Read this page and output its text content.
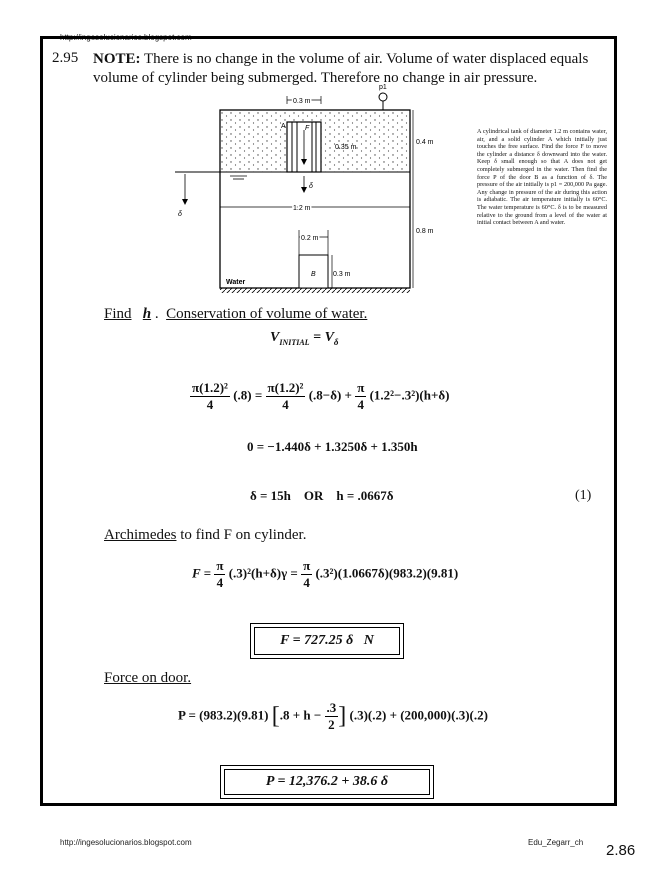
http://ingesolucionarios.blogspot.com
2.95 NOTE: There is no change in the volume of air. Volume of water displaced equals volume of cylinder being submerged. Therefore no change in air pressure.
A	F
0.3 m
p1
0.35 m
0.4 m
δ
δ
1.2 m
0.8 m
0.2 m
B 0.3 m
Water
A cylindrical tank of diameter 1.2 m contains water, air, and a solid cylinder A which initially just touches the free surface. Find the force F to move the cylinder a distance δ downward into the water. Keep δ small enough so that A does not get completely submerged in the water. Then find the force P of the door B as a function of δ. The pressure of the air initially is p1 = 200,000 Pa gage. Any change in pressure of the air during this action is adiabatic. The air temperature initially is 60°C. The water temperature is 60°C. δ is to be measured relative to the ground from a level of the water at initial contact between A and water.
Find h .  Conservation of volume of water.
$V_{INITIAL} = V_\delta$
$\frac{\text{π(1.2)²}}{4} (.8) = \frac{\text{π(1.2)²}}{4} (.8-\delta) + \frac{\pi}{4} (1.2^2-.3^2)(h+\delta)$
0 = −1.440δ + 1.3250δ + 1.350h
δ = 15h    OR    h = .0667δ	(1)
Archimedes to find F on cylinder.
$F = \frac{\pi}{4} (.3)^2(h+\delta)\gamma = \frac{\pi}{4} (.3^2)(1.0667\delta)(983.2)(9.81)$
F = 727.25 δ   N
Force on door.
P = (983.2)(9.81) [$.8 + h - \frac{.3}{2}$ ] (.3)(.2) + (200,000)(.3)(.2)
P = 12,376.2 + 38.6 δ
http://ingesolucionarios.blogspot.com	Edu_Zegarr_ch 2.86
